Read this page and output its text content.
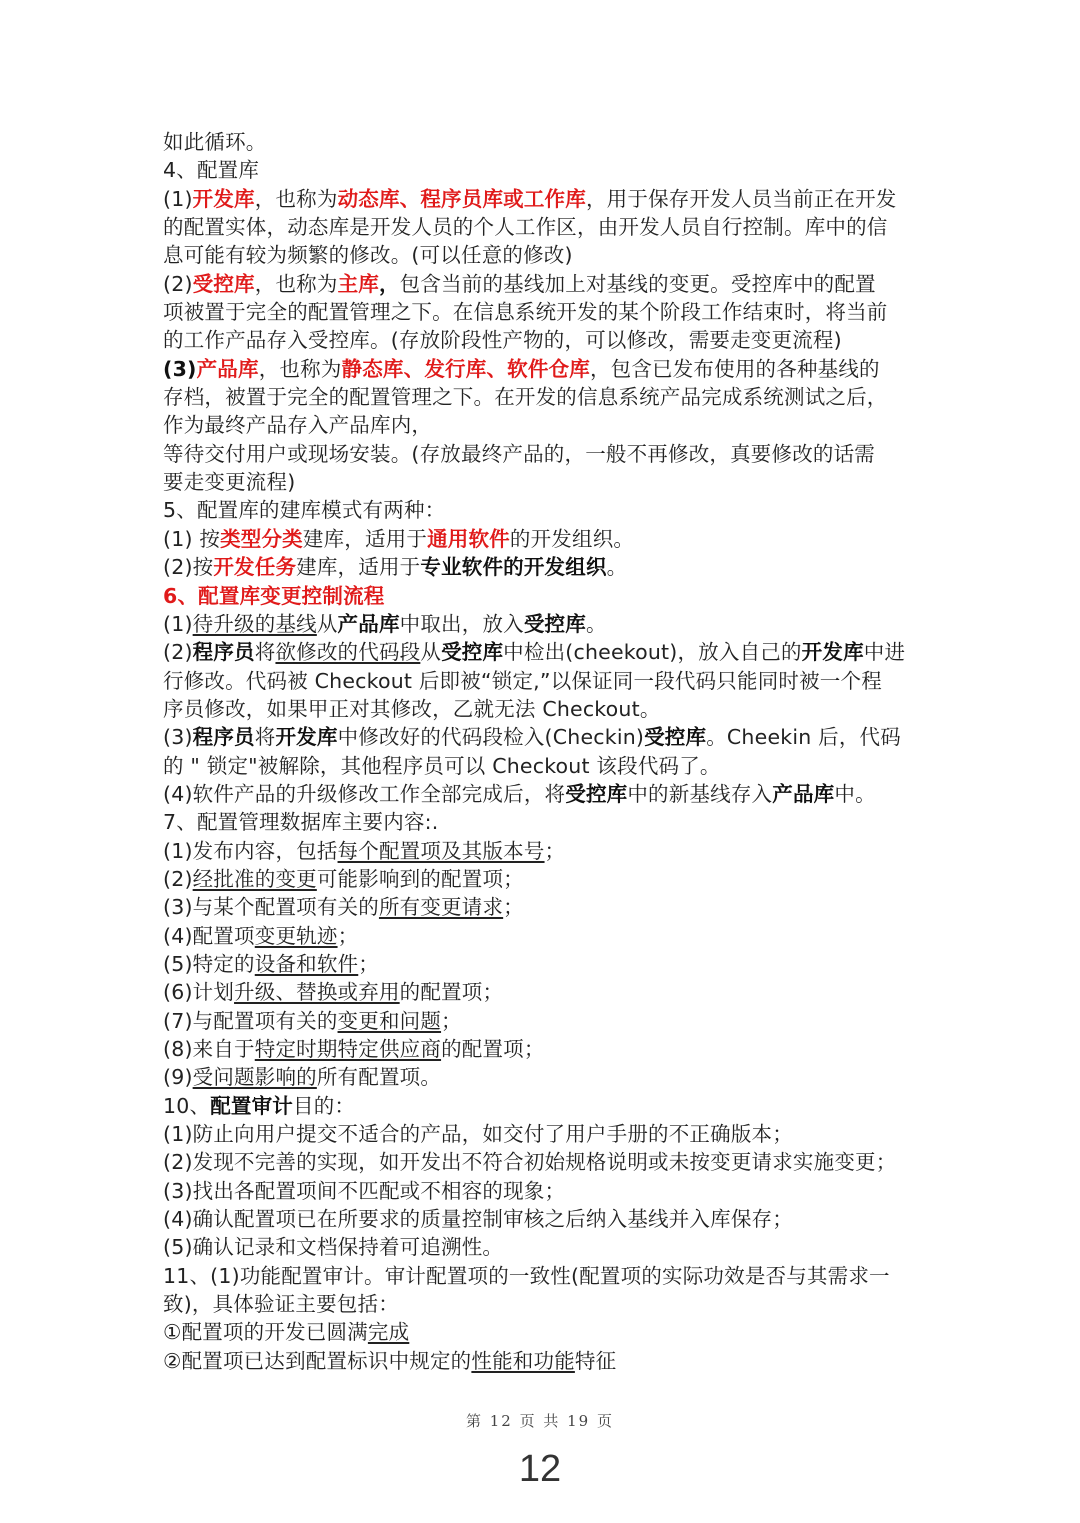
如此循环。
4、配置库
(1)开发库，也称为动态库、程序员库或工作库，用于保存开发人员当前正在开发
的配置实体，动态库是开发人员的个人工作区，由开发人员自行控制。库中的信
息可能有较为频繁的修改。(可以任意的修改)
(2)受控库，也称为主库，包含当前的基线加上对基线的变更。受控库中的配置
项被置于完全的配置管理之下。在信息系统开发的某个阶段工作结束时，将当前
的工作产品存入受控库。(存放阶段性产物的，可以修改，需要走变更流程)
(3)产品库，也称为静态库、发行库、软件仓库，包含已发布使用的各种基线的
存档，被置于完全的配置管理之下。在开发的信息系统产品完成系统测试之后，
作为最终产品存入产品库内，
等待交付用户或现场安装。(存放最终产品的，一般不再修改，真要修改的话需
要走变更流程)
5、配置库的建库模式有两种：
(1) 按类型分类建库，适用于通用软件的开发组织。
(2)按开发任务建库，适用于专业软件的开发组织。
6、配置库变更控制流程
(1)待升级的基线从产品库中取出，放入受控库。
(2)程序员将欲修改的代码段从受控库中检出(cheekout)，放入自己的开发库中进
行修改。代码被 Checkout 后即被“锁定,”以保证同一段代码只能同时被一个程
序员修改，如果甲正对其修改，乙就无法 Checkout。
(3)程序员将开发库中修改好的代码段检入(Checkin)受控库。Cheekin 后，代码
的 " 锁定"被解除，其他程序员可以 Checkout 该段代码了。
(4)软件产品的升级修改工作全部完成后，将受控库中的新基线存入产品库中。
7、配置管理数据库主要内容:.
(1)发布内容，包括每个配置项及其版本号；
(2)经批准的变更可能影响到的配置项；
(3)与某个配置项有关的所有变更请求；
(4)配置项变更轨迹；
(5)特定的设备和软件；
(6)计划升级、替换或弃用的配置项；
(7)与配置项有关的变更和问题；
(8)来自于特定时期特定供应商的配置项；
(9)受问题影响的所有配置项。
10、配置审计目的：
(1)防止向用户提交不适合的产品，如交付了用户手册的不正确版本；
(2)发现不完善的实现，如开发出不符合初始规格说明或未按变更请求实施变更；
(3)找出各配置项间不匹配或不相容的现象；
(4)确认配置项已在所要求的质量控制审核之后纳入基线并入库保存；
(5)确认记录和文档保持着可追溯性。
11、(1)功能配置审计。审计配置项的一致性(配置项的实际功效是否与其需求一
致)，具体验证主要包括：
①配置项的开发已圆满完成
②配置项已达到配置标识中规定的性能和功能特征
第 12 页 共 19 页
12
